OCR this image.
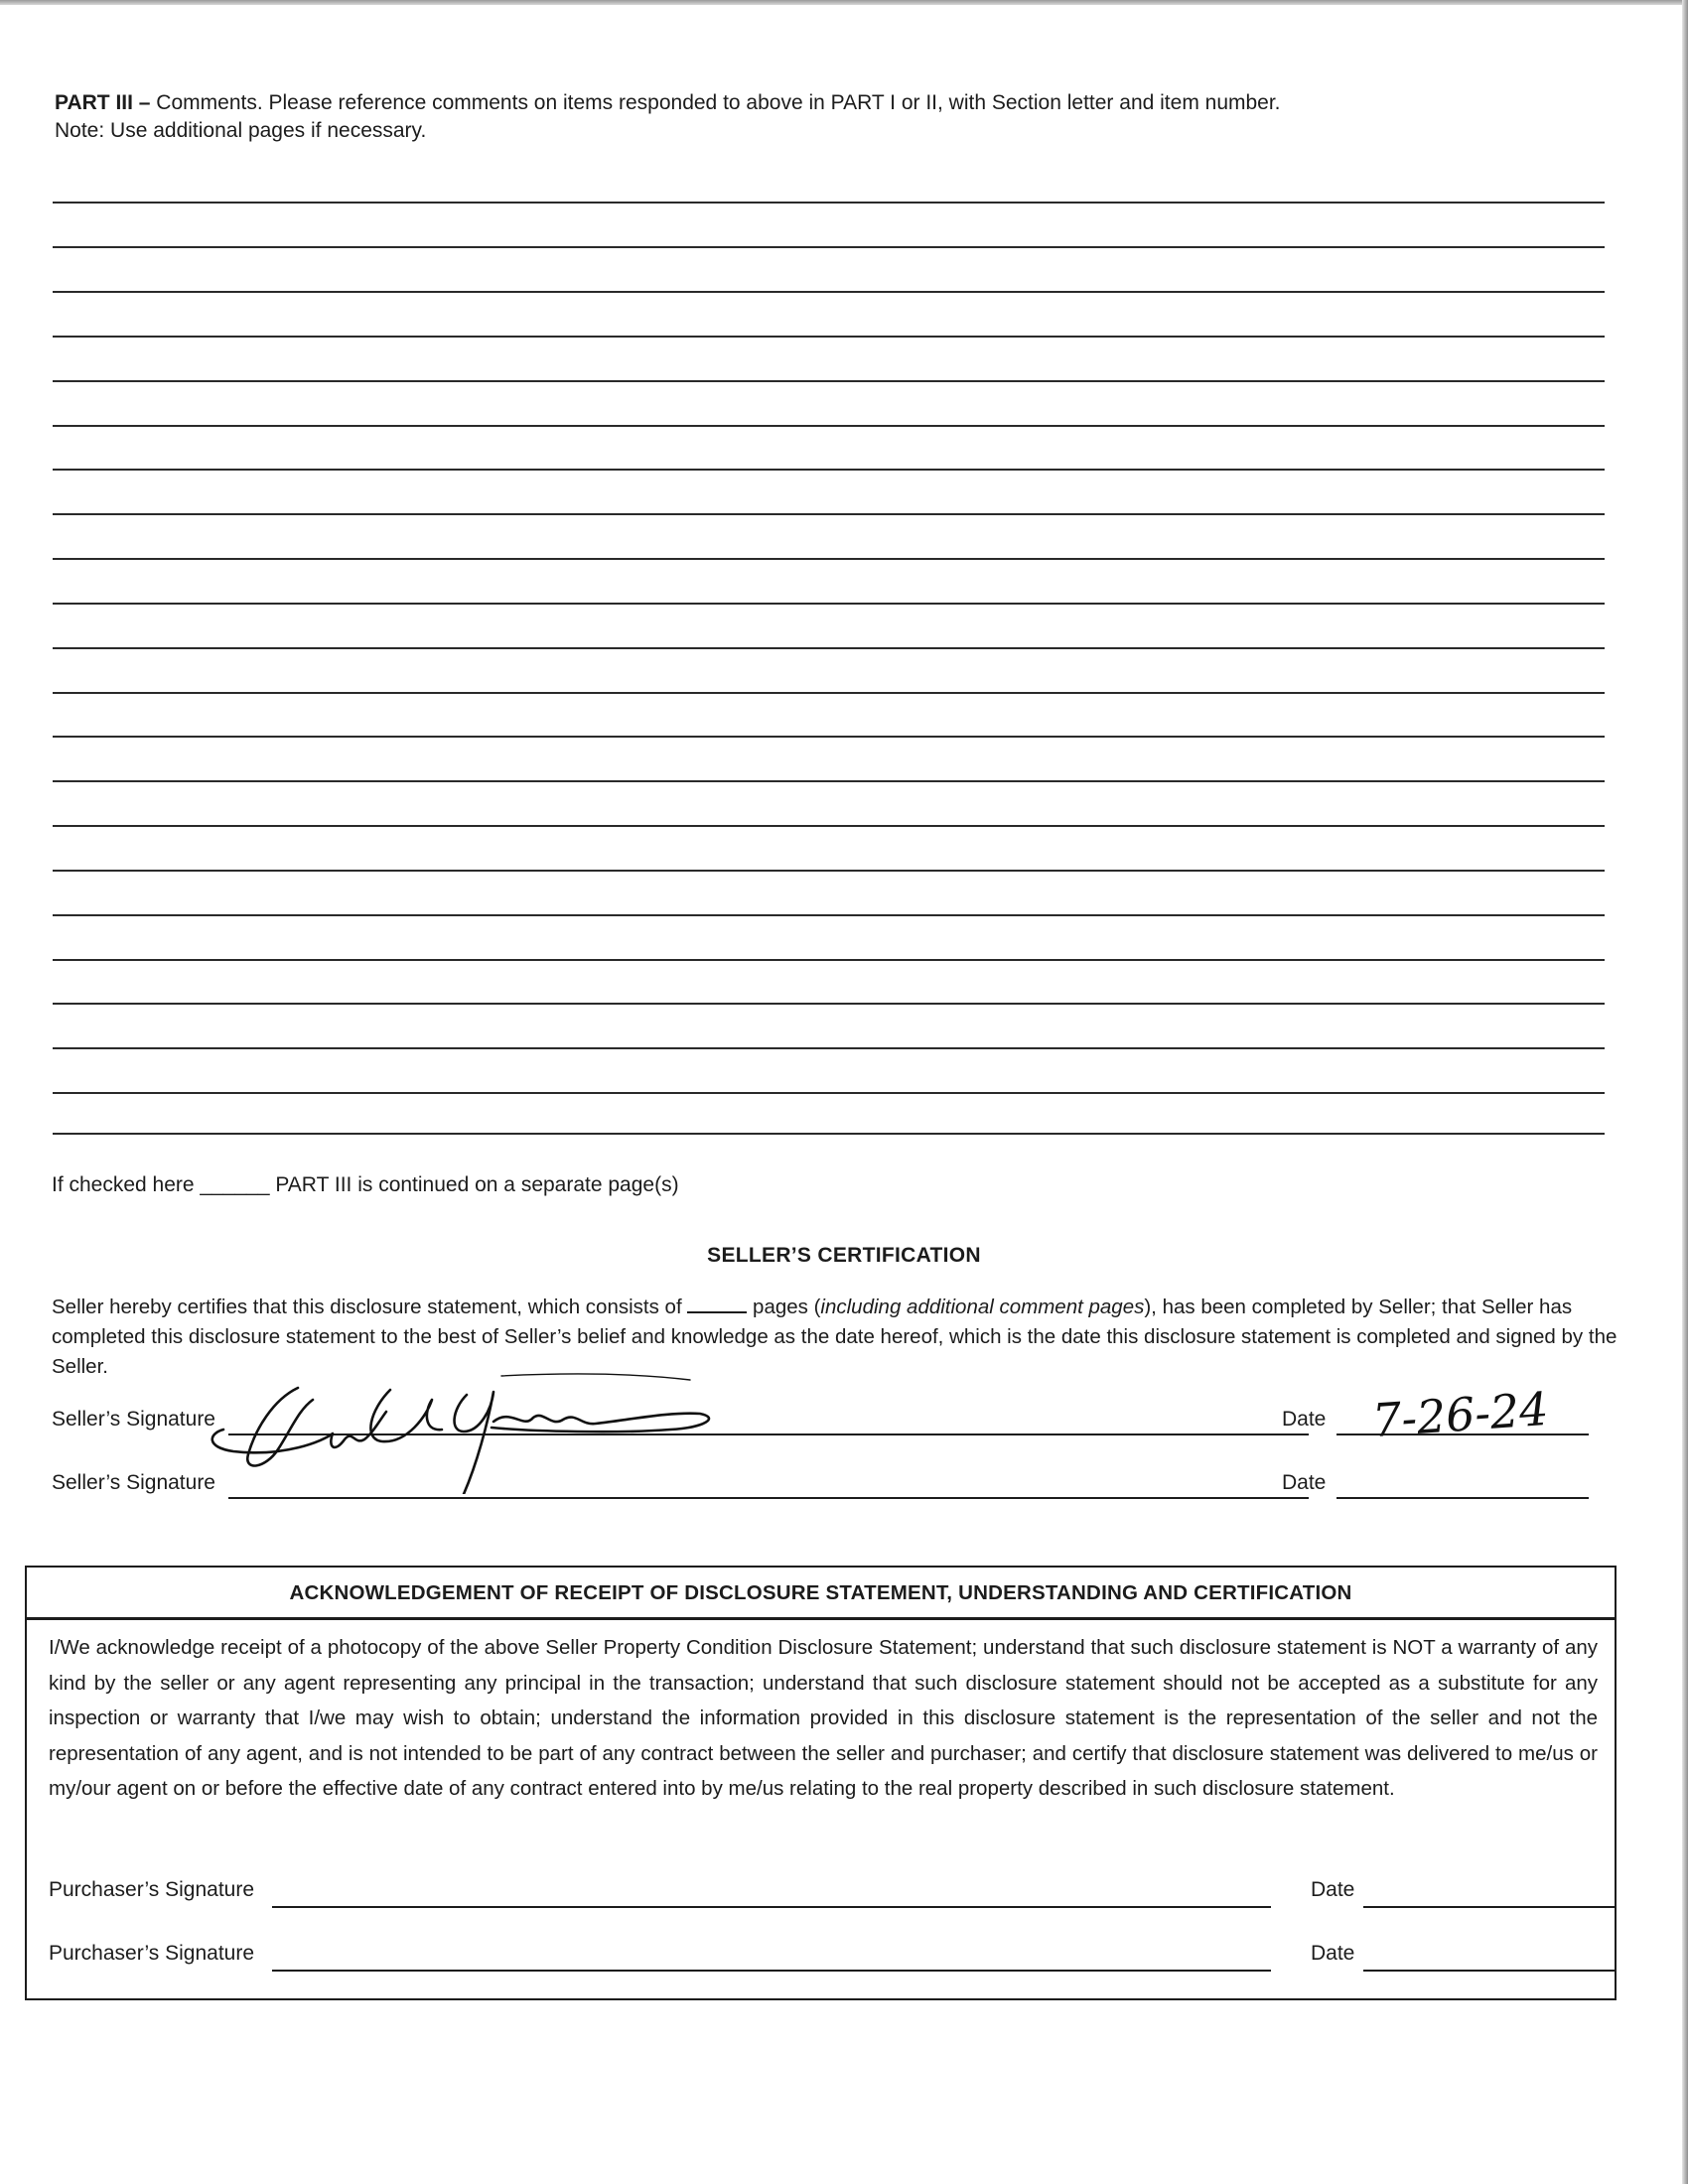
PART III – Comments. Please reference comments on items responded to above in PART I or II, with Section letter and item number.
Note: Use additional pages if necessary.
If checked here ______ PART III is continued on a separate page(s)
SELLER’S CERTIFICATION
Seller hereby certifies that this disclosure statement, which consists of	pages (including additional comment pages), has been completed by Seller; that Seller has completed this disclosure statement to the best of Seller’s belief and knowledge as the date hereof, which is the date this disclosure statement is completed and signed by the Seller.
Seller’s Signature	Date 7-26-24
Seller’s Signature	Date
ACKNOWLEDGEMENT OF RECEIPT OF DISCLOSURE STATEMENT, UNDERSTANDING AND CERTIFICATION
I/We acknowledge receipt of a photocopy of the above Seller Property Condition Disclosure Statement; understand that such disclosure statement is NOT a warranty of any kind by the seller or any agent representing any principal in the transaction; understand that such disclosure statement should not be accepted as a substitute for any inspection or warranty that I/we may wish to obtain; understand the information provided in this disclosure statement is the representation of the seller and not the representation of any agent, and is not intended to be part of any contract between the seller and purchaser; and certify that disclosure statement was delivered to me/us or my/our agent on or before the effective date of any contract entered into by me/us relating to the real property described in such disclosure statement.
Purchaser’s Signature	Date
Purchaser’s Signature	Date
